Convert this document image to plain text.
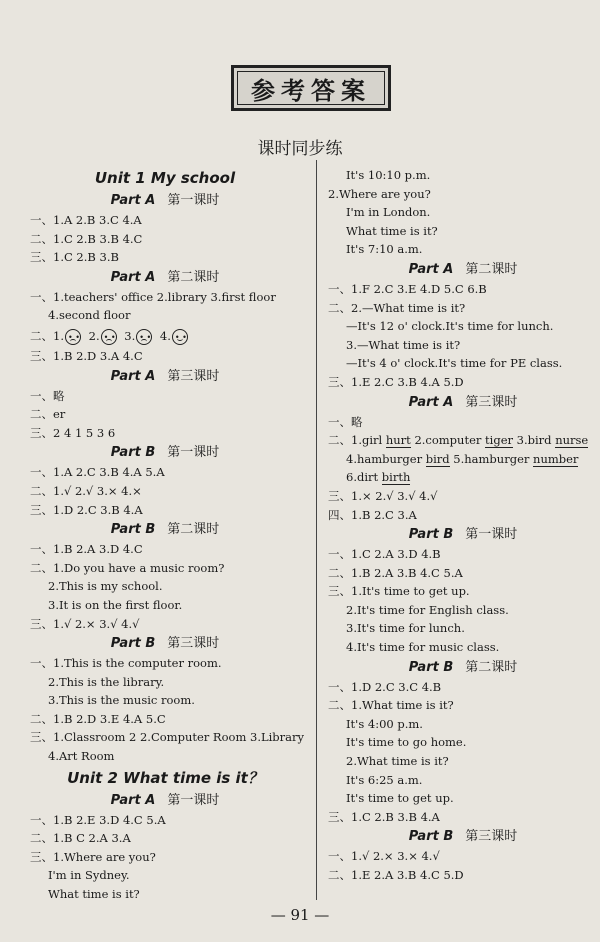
参考答案
课时同步练
Unit 1 My school
Part A 第一课时
一、1.A 2.B 3.C 4.A
二、1.C 2.B 3.B 4.C
三、1.C 2.B 3.B
Part A 第二课时
一、1.teachers' office 2.library 3.first floor
4.second floor
二、1. • • 2. • • 3. • • 4.• •
三、1.B 2.D 3.A 4.C
Part A 第三课时
一、略
二、er
三、2 4 1 5 3 6
Part B 第一课时
一、1.A 2.C 3.B 4.A 5.A
二、1.√ 2.√ 3.× 4.×
三、1.D 2.C 3.B 4.A
Part B 第二课时
一、1.B 2.A 3.D 4.C
二、1.Do you have a music room?
2.This is my school.
3.It is on the first floor.
三、1.√ 2.× 3.√ 4.√
Part B 第三课时
一、1.This is the computer room.
2.This is the library.
3.This is the music room.
二、1.B 2.D 3.E 4.A 5.C
三、1.Classroom 2 2.Computer Room 3.Library
4.Art Room
Unit 2 What time is it？
Part A 第一课时
一、1.B 2.E 3.D 4.C 5.A
二、1.B C 2.A 3.A
三、1.Where are you?
I'm in Sydney.
What time is it?
It's 10:10 p.m.
2.Where are you?
I'm in London.
What time is it?
It's 7:10 a.m.
Part A 第二课时
一、1.F 2.C 3.E 4.D 5.C 6.B
二、2.—What time is it?
—It's 12 o' clock.It's time for lunch.
3.—What time is it?
—It's 4 o' clock.It's time for PE class.
三、1.E 2.C 3.B 4.A 5.D
Part A 第三课时
一、略
二、1.girl hurt 2.computer tiger 3.bird nurse
4.hamburger bird 5.hamburger number
6.dirt birth
三、1.× 2.√ 3.√ 4.√
四、1.B 2.C 3.A
Part B 第一课时
一、1.C 2.A 3.D 4.B
二、1.B 2.A 3.B 4.C 5.A
三、1.It's time to get up.
2.It's time for English class.
3.It's time for lunch.
4.It's time for music class.
Part B 第二课时
一、1.D 2.C 3.C 4.B
二、1.What time is it?
It's 4:00 p.m.
It's time to go home.
2.What time is it?
It's 6:25 a.m.
It's time to get up.
三、1.C 2.B 3.B 4.A
Part B 第三课时
一、1.√ 2.× 3.× 4.√
二、1.E 2.A 3.B 4.C 5.D
— 91 —
